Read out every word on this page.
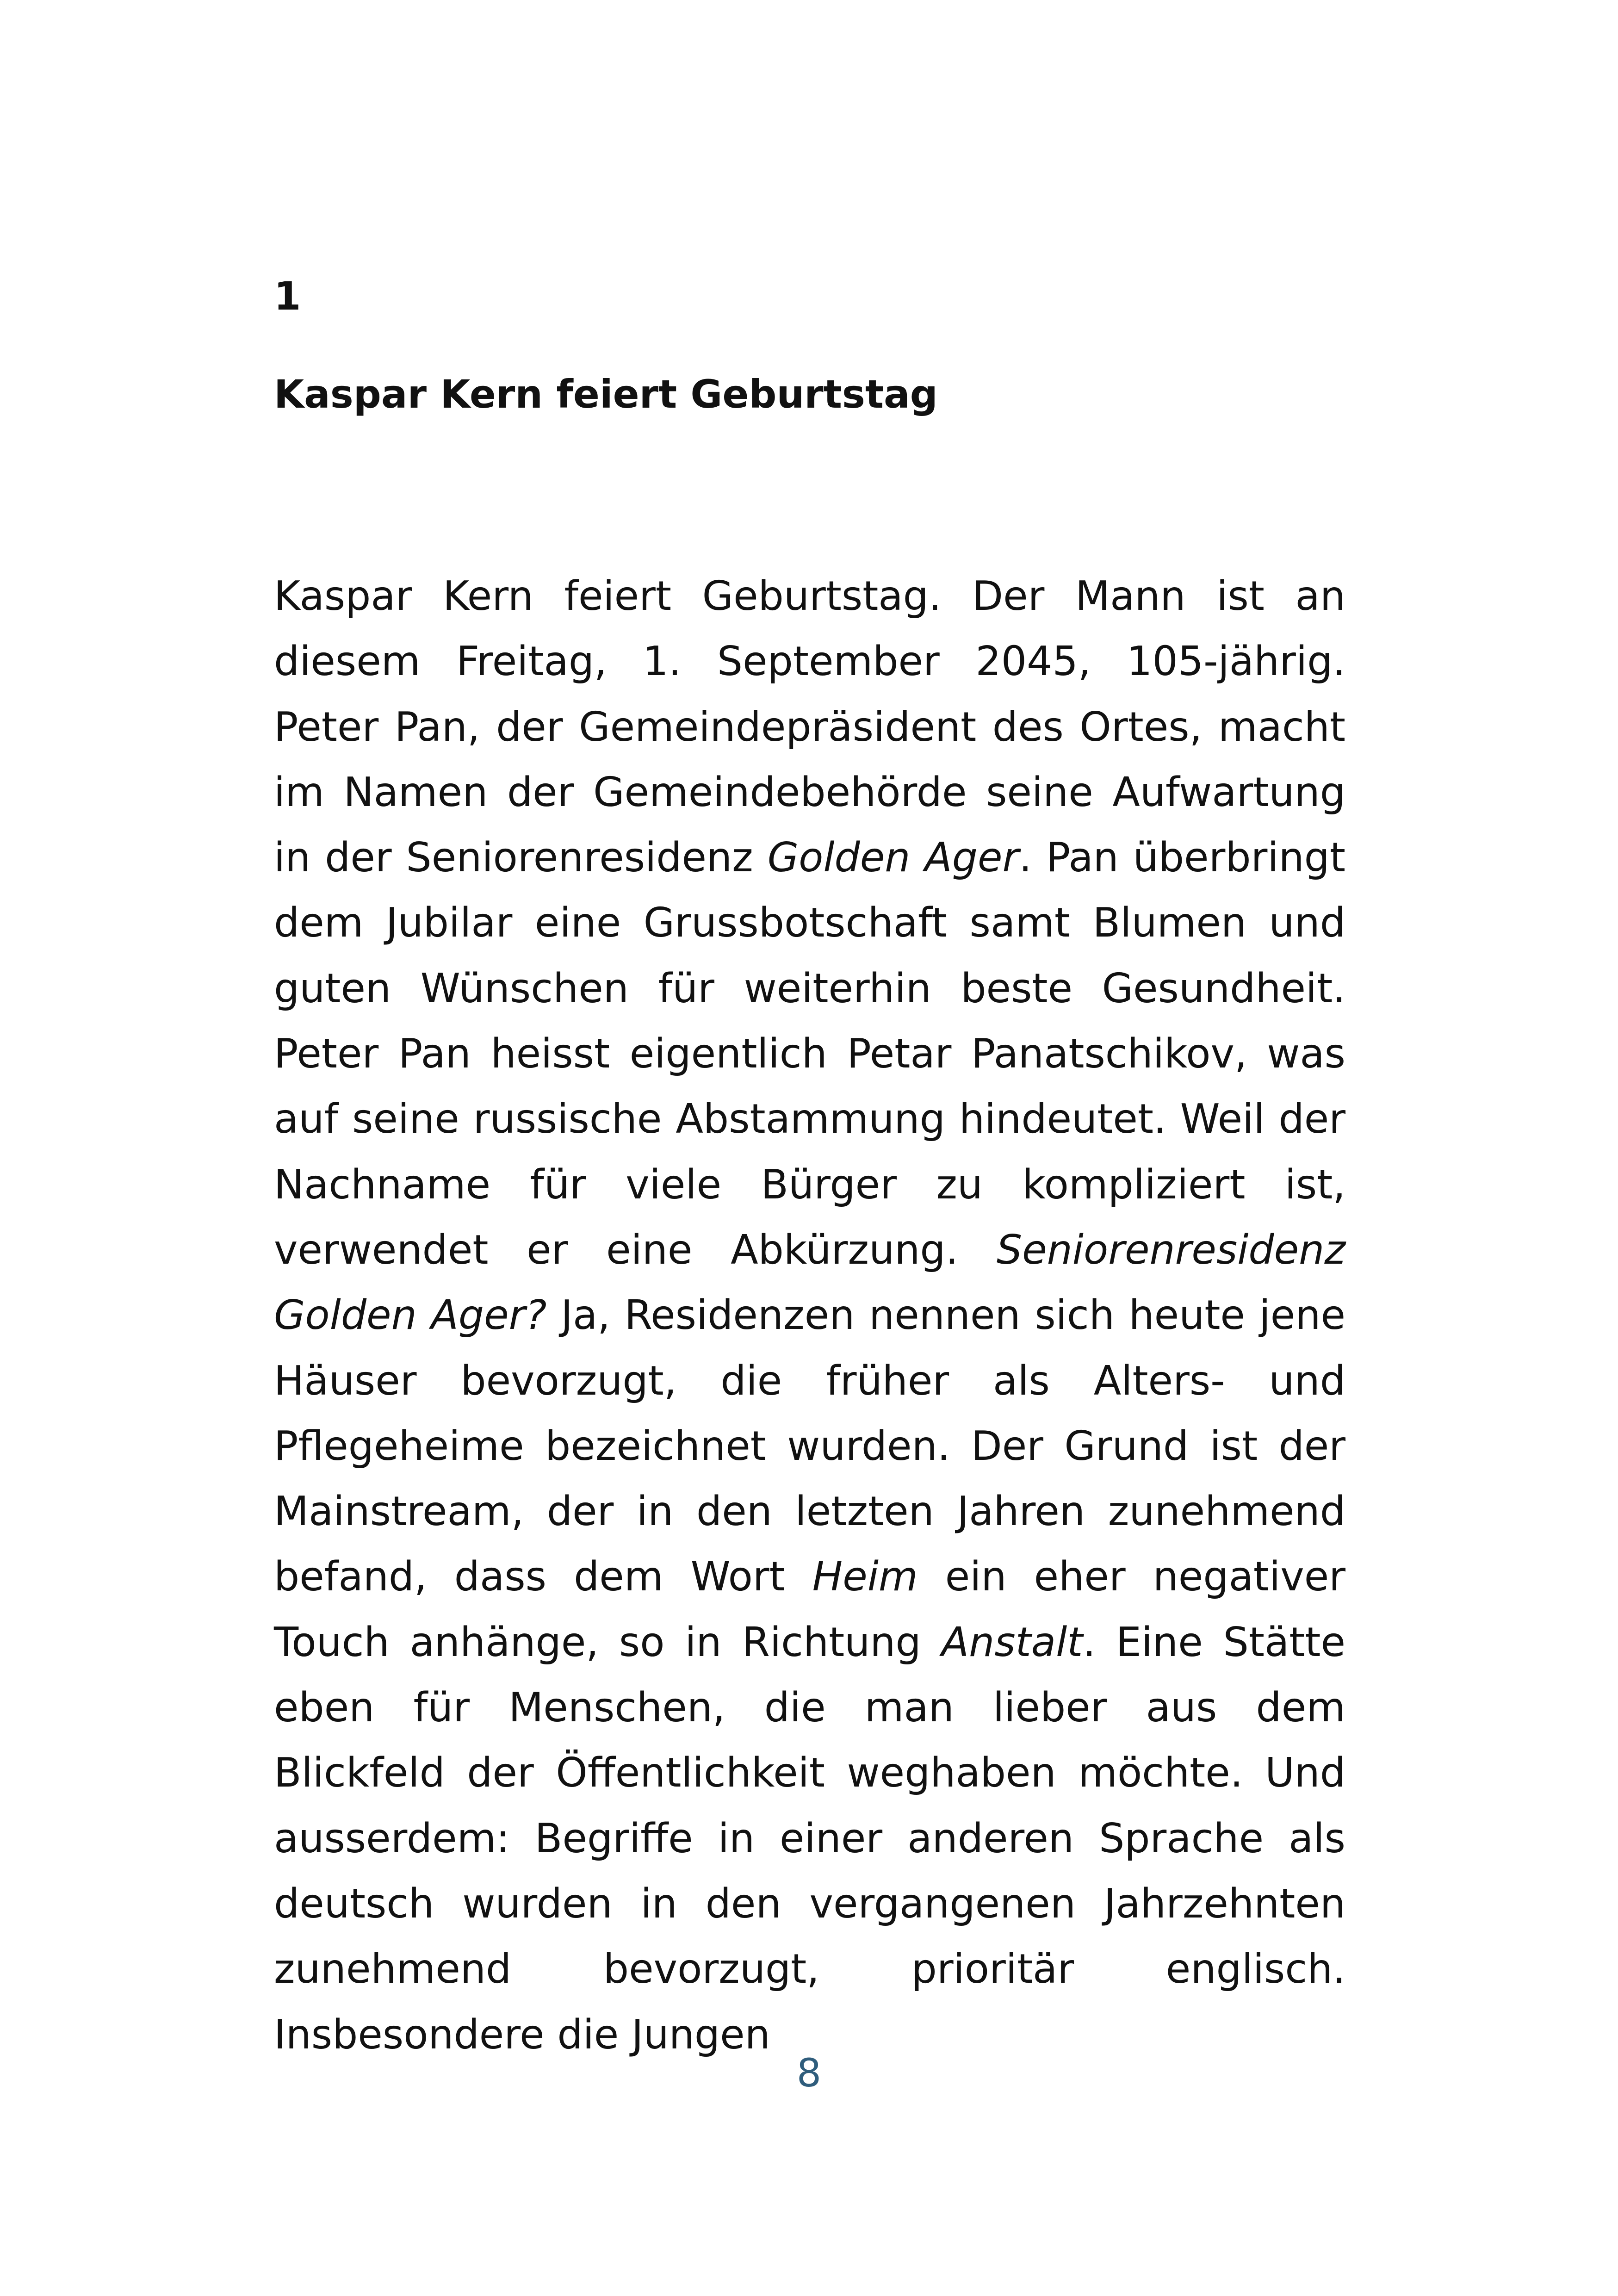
1

Kaspar Kern feiert Geburtstag

Kaspar Kern feiert Geburtstag. Der Mann ist an diesem Freitag, 1. September 2045, 105-jährig. Peter Pan, der Gemeindepräsident des Ortes, macht im Namen der Gemeindebehörde seine Aufwartung in der Seniorenresidenz Golden Ager. Pan überbringt dem Jubilar eine Grussbotschaft samt Blumen und guten Wünschen für weiterhin beste Gesundheit. Peter Pan heisst eigentlich Petar Panatschikov, was auf seine russische Abstammung hindeutet. Weil der Nachname für viele Bürger zu kompliziert ist, verwendet er eine Abkürzung. Seniorenresidenz Golden Ager? Ja, Residenzen nennen sich heute jene Häuser bevorzugt, die früher als Alters- und Pflegeheime bezeichnet wurden. Der Grund ist der Mainstream, der in den letzten Jahren zunehmend befand, dass dem Wort Heim ein eher negativer Touch anhänge, so in Richtung Anstalt. Eine Stätte eben für Menschen, die man lieber aus dem Blickfeld der Öffentlichkeit weghaben möchte. Und ausserdem: Begriffe in einer anderen Sprache als deutsch wurden in den vergangenen Jahrzehnten zunehmend bevorzugt, prioritär englisch. Insbesondere die Jungen

8
